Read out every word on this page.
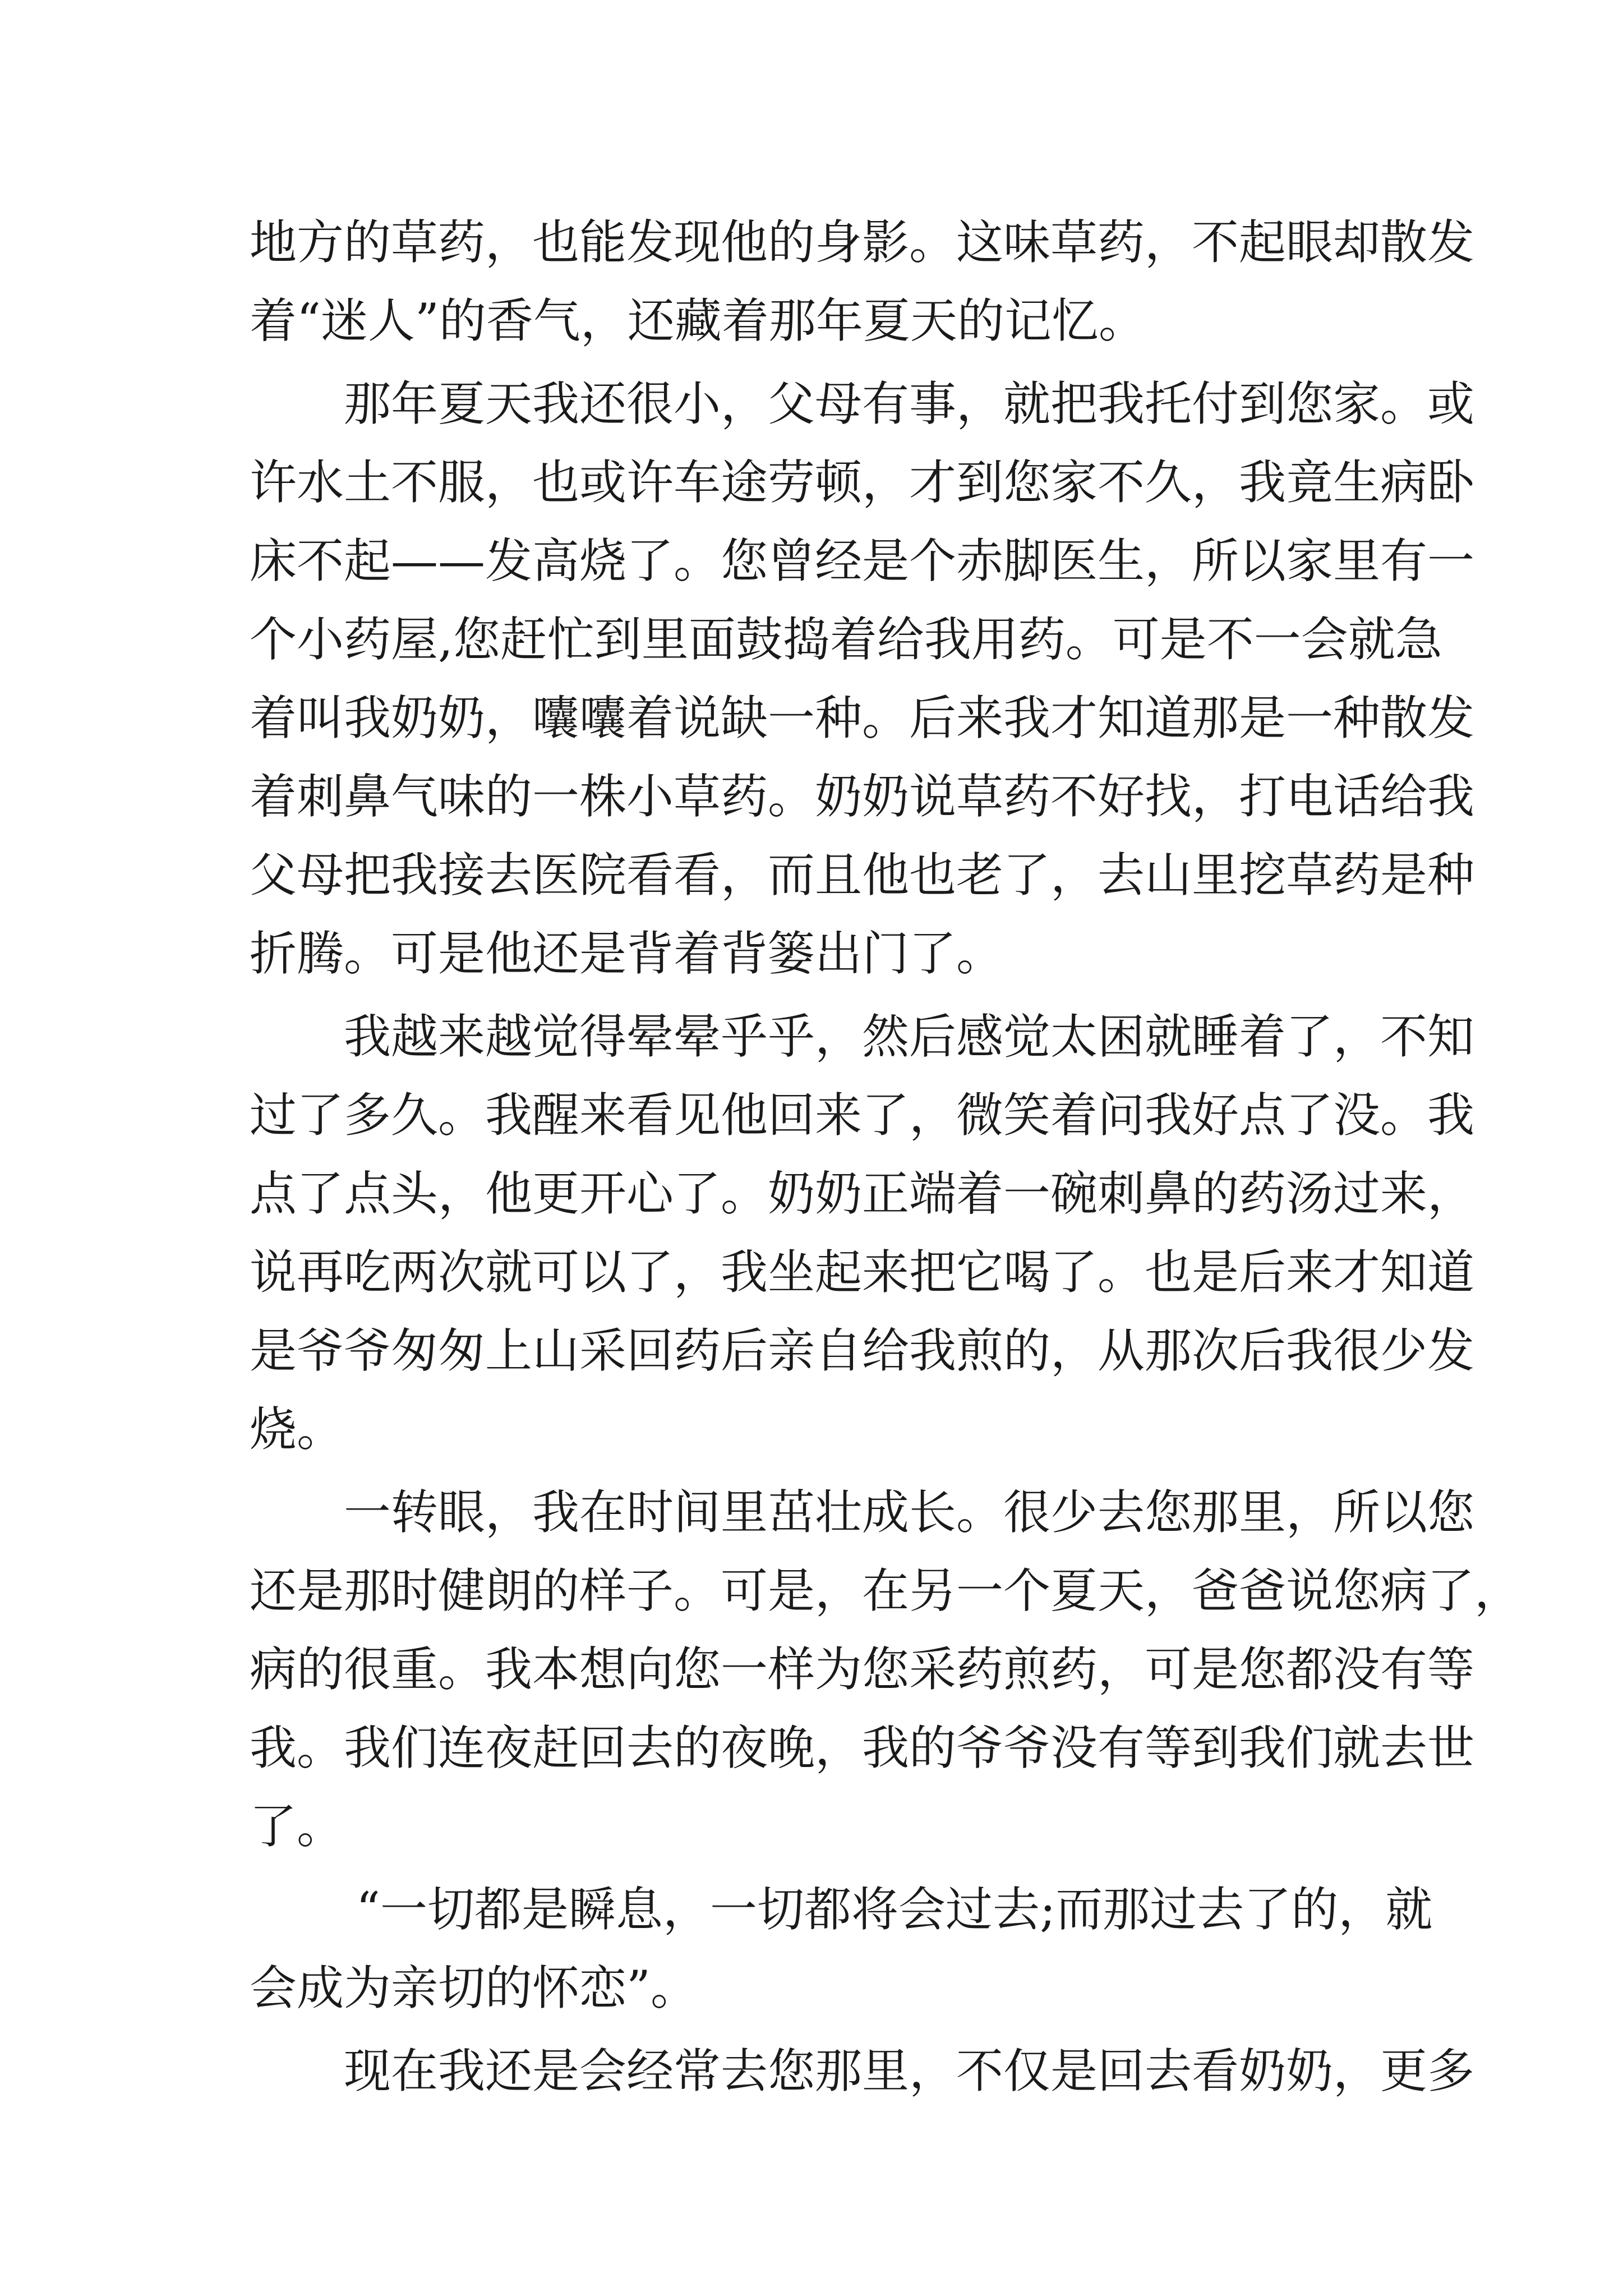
地方的草药，也能发现他的身影。这味草药，不起眼却散发
着“迷人”的香气，还藏着那年夏天的记忆。
那年夏天我还很小，父母有事，就把我托付到您家。或
许水土不服，也或许车途劳顿，才到您家不久，我竟生病卧
床不起——发高烧了。您曾经是个赤脚医生，所以家里有一
个小药屋,您赶忙到里面鼓捣着给我用药。可是不一会就急
着叫我奶奶，囔囔着说缺一种。后来我才知道那是一种散发
着刺鼻气味的一株小草药。奶奶说草药不好找，打电话给我
父母把我接去医院看看，而且他也老了，去山里挖草药是种
折腾。可是他还是背着背篓出门了。
我越来越觉得晕晕乎乎，然后感觉太困就睡着了，不知
过了多久。我醒来看见他回来了，微笑着问我好点了没。我
点了点头，他更开心了。奶奶正端着一碗刺鼻的药汤过来，
说再吃两次就可以了，我坐起来把它喝了。也是后来才知道
是爷爷匆匆上山采回药后亲自给我煎的，从那次后我很少发
烧。
一转眼，我在时间里茁壮成长。很少去您那里，所以您
还是那时健朗的样子。可是，在另一个夏天，爸爸说您病了，
病的很重。我本想向您一样为您采药煎药，可是您都没有等
我。我们连夜赶回去的夜晚，我的爷爷没有等到我们就去世
了。
“一切都是瞬息，一切都将会过去;而那过去了的，就
会成为亲切的怀恋”。
现在我还是会经常去您那里，不仅是回去看奶奶，更多
